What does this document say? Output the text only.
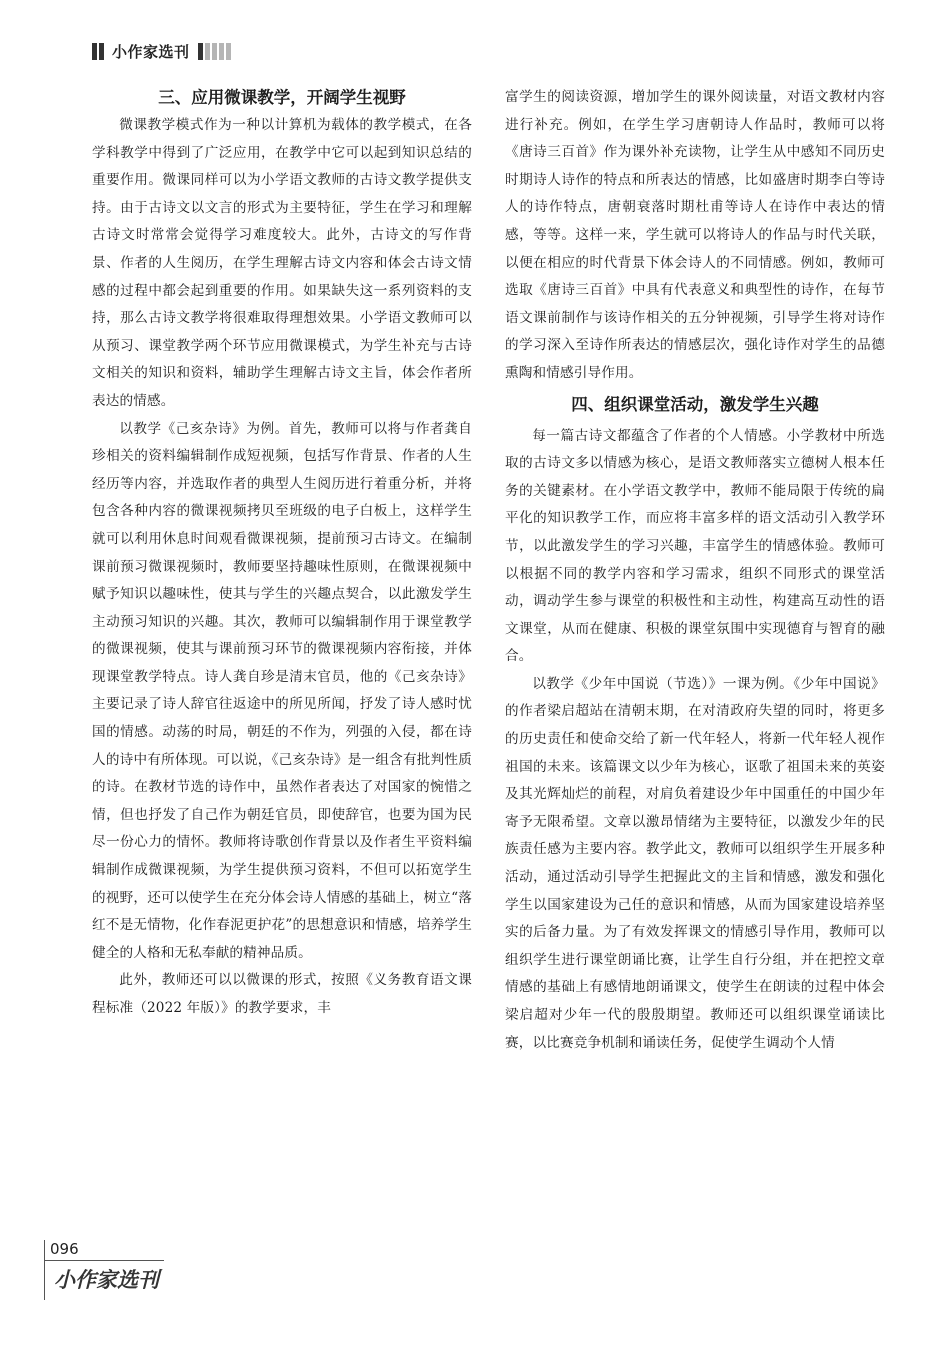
小作家选刊
三、应用微课教学，开阔学生视野

微课教学模式作为一种以计算机为载体的教学模式，在各学科教学中得到了广泛应用，在教学中它可以起到知识总结的重要作用。微课同样可以为小学语文教师的古诗文教学提供支持。由于古诗文以文言的形式为主要特征，学生在学习和理解古诗文时常常会觉得学习难度较大。此外，古诗文的写作背景、作者的人生阅历，在学生理解古诗文内容和体会古诗文情感的过程中都会起到重要的作用。如果缺失这一系列资料的支持，那么古诗文教学将很难取得理想效果。小学语文教师可以从预习、课堂教学两个环节应用微课模式，为学生补充与古诗文相关的知识和资料，辅助学生理解古诗文主旨，体会作者所表达的情感。

以教学《己亥杂诗》为例。首先，教师可以将与作者龚自珍相关的资料编辑制作成短视频，包括写作背景、作者的人生经历等内容，并选取作者的典型人生阅历进行着重分析，并将包含各种内容的微课视频拷贝至班级的电子白板上，这样学生就可以利用休息时间观看微课视频，提前预习古诗文。在编制课前预习微课视频时，教师要坚持趣味性原则，在微课视频中赋予知识以趣味性，使其与学生的兴趣点契合，以此激发学生主动预习知识的兴趣。其次，教师可以编辑制作用于课堂教学的微课视频，使其与课前预习环节的微课视频内容衔接，并体现课堂教学特点。诗人龚自珍是清末官员，他的《己亥杂诗》主要记录了诗人辞官往返途中的所见所闻，抒发了诗人感时忧国的情感。动荡的时局，朝廷的不作为，列强的入侵，都在诗人的诗中有所体现。可以说，《己亥杂诗》是一组含有批判性质的诗。在教材节选的诗作中，虽然作者表达了对国家的惋惜之情，但也抒发了自己作为朝廷官员，即使辞官，也要为国为民尽一份心力的情怀。教师将诗歌创作背景以及作者生平资料编辑制作成微课视频，为学生提供预习资料，不但可以拓宽学生的视野，还可以使学生在充分体会诗人情感的基础上，树立“落红不是无情物，化作春泥更护花”的思想意识和情感，培养学生健全的人格和无私奉献的精神品质。

此外，教师还可以以微课的形式，按照《义务教育语文课程标准（2022 年版）》的教学要求，丰

富学生的阅读资源，增加学生的课外阅读量，对语文教材内容进行补充。例如，在学生学习唐朝诗人作品时，教师可以将《唐诗三百首》作为课外补充读物，让学生从中感知不同历史时期诗人诗作的特点和所表达的情感，比如盛唐时期李白等诗人的诗作特点，唐朝衰落时期杜甫等诗人在诗作中表达的情感，等等。这样一来，学生就可以将诗人的作品与时代关联，以便在相应的时代背景下体会诗人的不同情感。例如，教师可选取《唐诗三百首》中具有代表意义和典型性的诗作，在每节语文课前制作与该诗作相关的五分钟视频，引导学生将对诗作的学习深入至诗作所表达的情感层次，强化诗作对学生的品德熏陶和情感引导作用。

四、组织课堂活动，激发学生兴趣

每一篇古诗文都蕴含了作者的个人情感。小学教材中所选取的古诗文多以情感为核心，是语文教师落实立德树人根本任务的关键素材。在小学语文教学中，教师不能局限于传统的扁平化的知识教学工作，而应将丰富多样的语文活动引入教学环节，以此激发学生的学习兴趣，丰富学生的情感体验。教师可以根据不同的教学内容和学习需求，组织不同形式的课堂活动，调动学生参与课堂的积极性和主动性，构建高互动性的语文课堂，从而在健康、积极的课堂氛围中实现德育与智育的融合。

以教学《少年中国说（节选）》一课为例。《少年中国说》的作者梁启超站在清朝末期，在对清政府失望的同时，将更多的历史责任和使命交给了新一代年轻人，将新一代年轻人视作祖国的未来。该篇课文以少年为核心，讴歌了祖国未来的英姿及其光辉灿烂的前程，对肩负着建设少年中国重任的中国少年寄予无限希望。文章以激昂情绪为主要特征，以激发少年的民族责任感为主要内容。教学此文，教师可以组织学生开展多种活动，通过活动引导学生把握此文的主旨和情感，激发和强化学生以国家建设为己任的意识和情感，从而为国家建设培养坚实的后备力量。为了有效发挥课文的情感引导作用，教师可以组织学生进行课堂朗诵比赛，让学生自行分组，并在把控文章情感的基础上有感情地朗诵课文，使学生在朗读的过程中体会梁启超对少年一代的殷殷期望。教师还可以组织课堂诵读比赛，以比赛竞争机制和诵读任务，促使学生调动个人情

096
小作家选刊
